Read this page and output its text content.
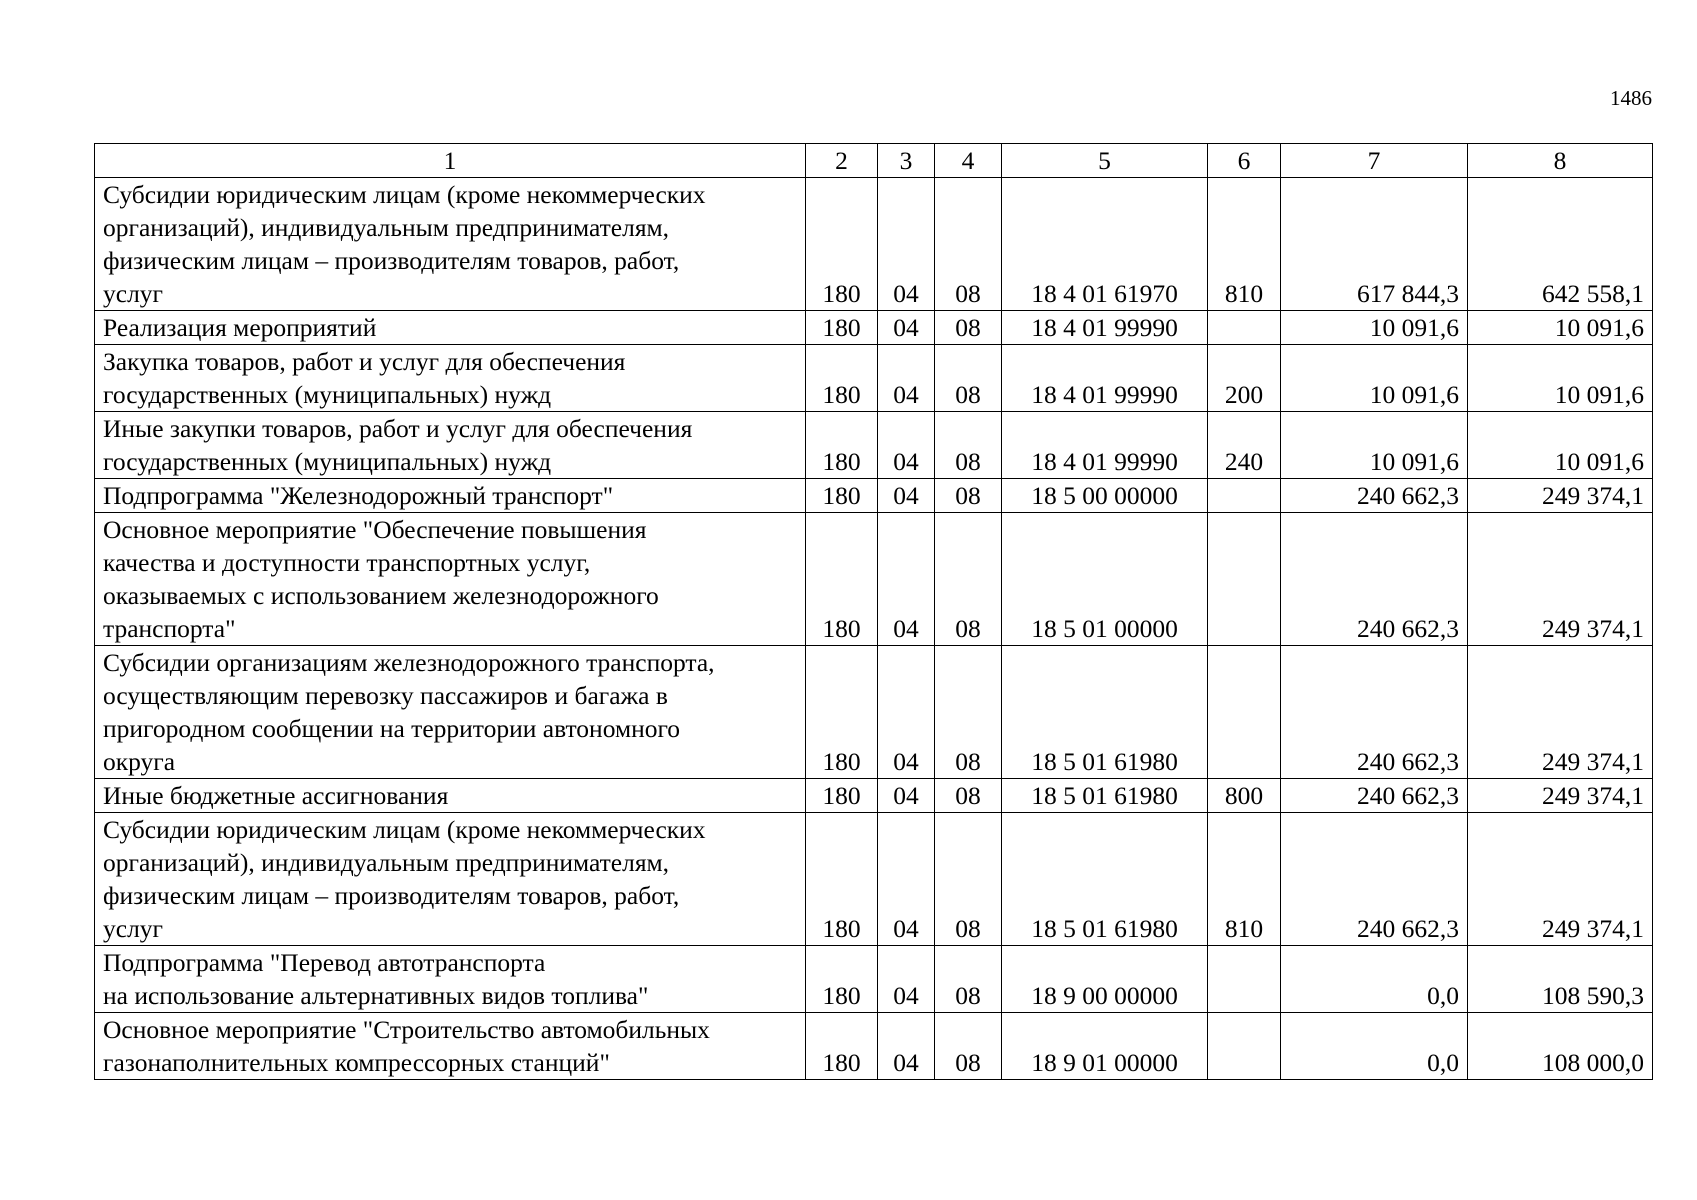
1486
1	2	3	4	5	6	7	8
Субсидии юридическим лицам (кроме некоммерческих
организаций), индивидуальным предпринимателям,
физическим лицам – производителям товаров, работ,
услуг	180	04	08	18 4 01 61970	810	617 844,3	642 558,1
Реализация мероприятий	180	04	08	18 4 01 99990		10 091,6	10 091,6
Закупка товаров, работ и услуг для обеспечения
государственных (муниципальных) нужд	180	04	08	18 4 01 99990	200	10 091,6	10 091,6
Иные закупки товаров, работ и услуг для обеспечения
государственных (муниципальных) нужд	180	04	08	18 4 01 99990	240	10 091,6	10 091,6
Подпрограмма "Железнодорожный транспорт"	180	04	08	18 5 00 00000		240 662,3	249 374,1
Основное мероприятие "Обеспечение повышения
качества и доступности транспортных услуг,
оказываемых с использованием железнодорожного
транспорта"	180	04	08	18 5 01 00000		240 662,3	249 374,1
Субсидии организациям железнодорожного транспорта,
осуществляющим перевозку пассажиров и багажа в
пригородном сообщении на территории автономного
округа	180	04	08	18 5 01 61980		240 662,3	249 374,1
Иные бюджетные ассигнования	180	04	08	18 5 01 61980	800	240 662,3	249 374,1
Субсидии юридическим лицам (кроме некоммерческих
организаций), индивидуальным предпринимателям,
физическим лицам – производителям товаров, работ,
услуг	180	04	08	18 5 01 61980	810	240 662,3	249 374,1
Подпрограмма "Перевод автотранспорта
на использование альтернативных видов топлива"	180	04	08	18 9 00 00000		0,0	108 590,3
Основное мероприятие "Строительство автомобильных
газонаполнительных компрессорных станций"	180	04	08	18 9 01 00000		0,0	108 000,0
